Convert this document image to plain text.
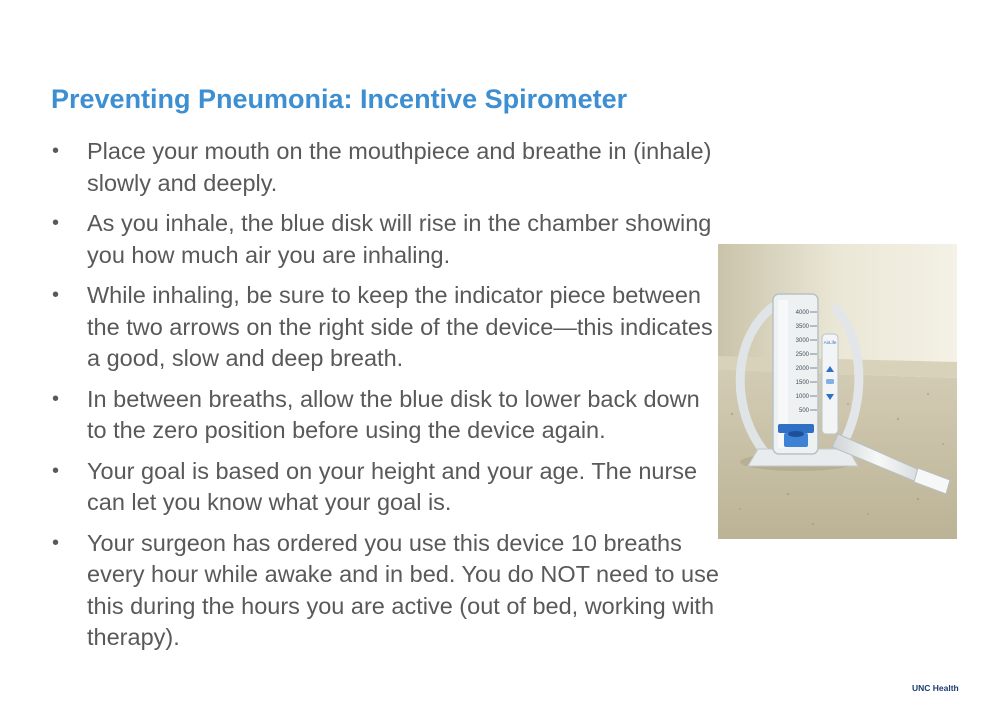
Preventing Pneumonia: Incentive Spirometer
•	Place your mouth on the mouthpiece and breathe in (inhale) slowly and deeply.
•	As you inhale, the blue disk will rise in the chamber showing you how much air you are inhaling.
•	While inhaling, be sure to keep the indicator piece between the two arrows on the right side of the device—this indicates a good, slow and deep breath.
•	In between breaths, allow the blue disk to lower back down to the zero position before using the device again.
•	Your goal is based on your height and your age. The nurse can let you know what your goal is.
•	Your surgeon has ordered you use this device 10 breaths every hour while awake and in bed. You do NOT need to use this during the hours you are active (out of bed, working with therapy).
4000
3500
3000
2500
2000
1500
1000
500
AirLife
UNC Health
